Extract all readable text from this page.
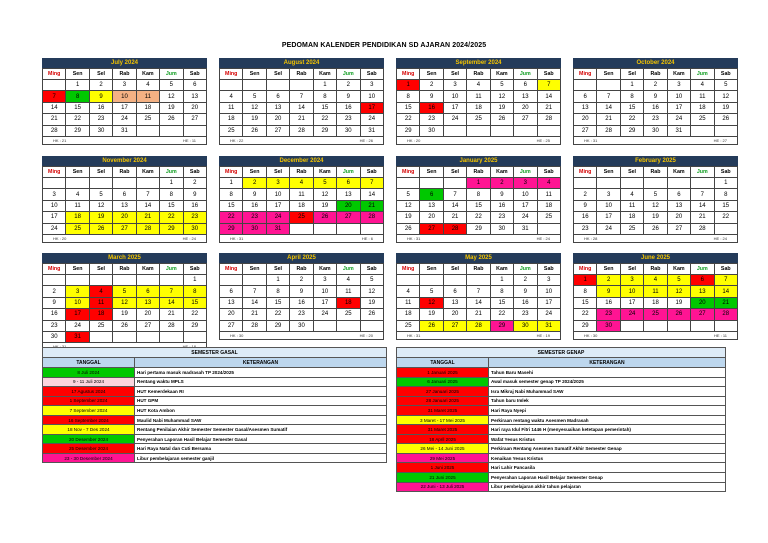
PEDOMAN KALENDER PENDIDIKAN SD AJARAN 2024/2025
July 2024
Ming	Sen	Sel	Rab	Kam	Jum	Sab
	1	2	3	4	5	6
7	8	9	10	11	12	13
14	15	16	17	18	19	20
21	22	23	24	25	26	27
28	29	30	31			
HK : 21	HE : 11
August 2024
Ming	Sen	Sel	Rab	Kam	Jum	Sab
				1	2	3
4	5	6	7	8	9	10
11	12	13	14	15	16	17
18	19	20	21	22	23	24
25	26	27	28	29	30	31
HK : 22	HE : 26
September 2024
Ming	Sen	Sel	Rab	Kam	Jum	Sab
1	2	3	4	5	6	7
8	9	10	11	12	13	14
15	16	17	18	19	20	21
22	23	24	25	26	27	28
29	30					
HK : 20	HE : 25
October 2024
Ming	Sen	Sel	Rab	Kam	Jum	Sab
		1	2	3	4	5
6	7	8	9	10	11	12
13	14	15	16	17	18	19
20	21	22	23	24	25	26
27	28	29	30	31		
HK : 31	HE : 27
November 2024
Ming	Sen	Sel	Rab	Kam	Jum	Sab
					1	2
3	4	5	6	7	8	9
10	11	12	13	14	15	16
17	18	19	20	21	22	23
24	25	26	27	28	29	30
HK : 20	HE : 24
December 2024
Ming	Sen	Sel	Rab	Kam	Jum	Sab
1	2	3	4	5	6	7
8	9	10	11	12	13	14
15	16	17	18	19	20	21
22	23	24	25	26	27	28
29	30	31				
HK : 31	HE : 6
January 2025
Ming	Sen	Sel	Rab	Kam	Jum	Sab
			1	2	3	4
5	6	7	8	9	10	11
12	13	14	15	16	17	18
19	20	21	22	23	24	25
26	27	28	29	30	31	
HK : 31	HE : 24
February 2025
Ming	Sen	Sel	Rab	Kam	Jum	Sab
						1
2	3	4	5	6	7	8
9	10	11	12	13	14	15
16	17	18	19	20	21	22
23	24	25	26	27	28	
HK : 28	HE : 24
March 2025
Ming	Sen	Sel	Rab	Kam	Jum	Sab
						1
2	3	4	5	6	7	8
9	10	11	12	13	14	15
16	17	18	19	20	21	22
23	24	25	26	27	28	29
30	31					
April 2025
Ming	Sen	Sel	Rab	Kam	Jum	Sab
		1	2	3	4	5
6	7	8	9	10	11	12
13	14	15	16	17	18	19
20	21	22	23	24	25	26
27	28	29	30			
HK : 30	HE : 20
May 2025
Ming	Sen	Sel	Rab	Kam	Jum	Sab
				1	2	3
4	5	6	7	8	9	10
11	12	13	14	15	16	17
18	19	20	21	22	23	24
25	26	27	28	29	30	31
HK : 31	HE : 19
June 2025
Ming	Sen	Sel	Rab	Kam	Jum	Sab
1	2	3	4	5	6	7
8	9	10	11	12	13	14
15	16	17	18	19	20	21
22	23	24	25	26	27	28
29	30					
HK : 30	HE : 11
SEMESTER GASAL	
TANGGAL	KETERANGAN
8 Juli 2024	Hari pertama masuk madrasah TP 2024/2025
9 - 11 Juli 2024	Rentang waktu MPLS
17 Agustus 2024	HUT Kemerdekaan RI
1 September 2024	HUT GPM
7 September 2024	HUT Kota Ambon
16 September 2024	Maulid Nabi Muhammad SAW
18 Nov - 7 Des 2024	Rentang Penilaian Akhir Semester Semester Gasal/Asesmen Sumatif
20 Desember 2024	Penyerahan Laporan Hasil Belajar Semester Gasal
25 Desember 2024	Hari Raya Natal dan Cuti Bersama
23 - 30 Desember 2024	Libur pembelajaran semester ganjil
SEMESTER GENAP	
TANGGAL	KETERANGAN
1 Januari 2025	Tahun Baru Masehi
6 Januari 2025	Awal masuk semester genap TP 2024/2025
27 Januari 2025	Isra Mikraj Nabi Muhammad SAW
28 Januari 2025	Tahun baru Imlek
31 Maret 2025	Hari Raya Nyepi
3 Maret - 17 Mei 2025	Perkiraan rentang waktu Asesmen Madrasah
31 Maret 2025	Hari raya Idul Fitri 1446 H (menyesuaikan ketetapan pemerintah)
18 April 2025	Wafat Yesus Kristus
26 Mei - 14 Juni 2025	Perkiraan Rentang Asesmen Sumatif Akhir Semester Genap
29 Mei 2025	Kenaikan Yesus Kristus
1 Juni 2025	Hari Lahir Pancasila
21 Juni 2025	Penyerahan Laporan Hasil Belajar Semester Genap
22 Juni - 13 Juli 2025	Libur pembelajaran akhir tahun pelajaran
